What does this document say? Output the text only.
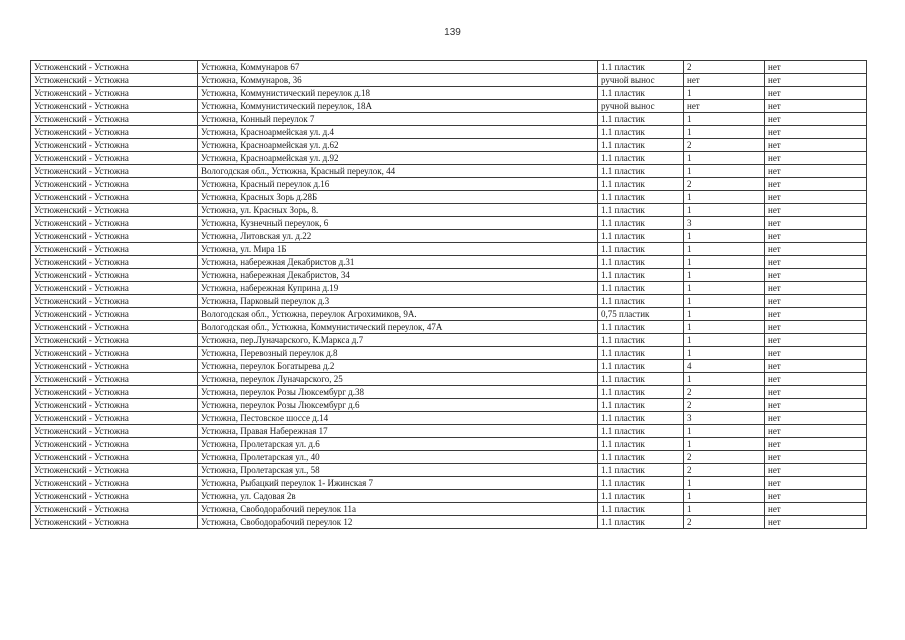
139
Устюженский - Устюжна	Устюжна, Коммунаров 67	1.1 пластик	2	нет
Устюженский - Устюжна	Устюжна, Коммунаров, 36	ручной вынос	нет	нет
Устюженский - Устюжна	Устюжна, Коммунистический переулок д.18	1.1 пластик	1	нет
Устюженский - Устюжна	Устюжна, Коммунистический переулок, 18А	ручной вынос	нет	нет
Устюженский - Устюжна	Устюжна, Конный переулок 7	1.1 пластик	1	нет
Устюженский - Устюжна	Устюжна, Красноармейская ул. д.4	1.1 пластик	1	нет
Устюженский - Устюжна	Устюжна, Красноармейская ул. д.62	1.1 пластик	2	нет
Устюженский - Устюжна	Устюжна, Красноармейская ул. д.92	1.1 пластик	1	нет
Устюженский - Устюжна	Вологодская обл., Устюжна, Красный переулок, 44	1.1 пластик	1	нет
Устюженский - Устюжна	Устюжна, Красный переулок д.16	1.1 пластик	2	нет
Устюженский - Устюжна	Устюжна, Красных Зорь д.28Б	1.1 пластик	1	нет
Устюженский - Устюжна	Устюжна, ул. Красных Зорь, 8.	1.1 пластик	1	нет
Устюженский - Устюжна	Устюжна, Кузнечный переулок, 6	1.1 пластик	3	нет
Устюженский - Устюжна	Устюжна, Литовская ул. д.22	1.1 пластик	1	нет
Устюженский - Устюжна	Устюжна, ул. Мира 1Б	1.1 пластик	1	нет
Устюженский - Устюжна	Устюжна, набережная Декабристов д.31	1.1 пластик	1	нет
Устюженский - Устюжна	Устюжна, набережная Декабристов, 34	1.1 пластик	1	нет
Устюженский - Устюжна	Устюжна, набережная Куприна д.19	1.1 пластик	1	нет
Устюженский - Устюжна	Устюжна, Парковый переулок д.3	1.1 пластик	1	нет
Устюженский - Устюжна	Вологодская обл., Устюжна, переулок Агрохимиков, 9А.	0,75 пластик	1	нет
Устюженский - Устюжна	Вологодская обл., Устюжна, Коммунистический переулок, 47А	1.1 пластик	1	нет
Устюженский - Устюжна	Устюжна, пер.Луначарского, К.Маркса д.7	1.1 пластик	1	нет
Устюженский - Устюжна	Устюжна, Перевозный переулок д.8	1.1 пластик	1	нет
Устюженский - Устюжна	Устюжна, переулок Богатырева д.2	1.1 пластик	4	нет
Устюженский - Устюжна	Устюжна, переулок Луначарского, 25	1.1 пластик	1	нет
Устюженский - Устюжна	Устюжна, переулок Розы Люксембург д.38	1.1 пластик	2	нет
Устюженский - Устюжна	Устюжна, переулок Розы Люксембург д.6	1.1 пластик	2	нет
Устюженский - Устюжна	Устюжна, Пестовское шоссе д.14	1.1 пластик	3	нет
Устюженский - Устюжна	Устюжна, Правая Набережная 17	1.1 пластик	1	нет
Устюженский - Устюжна	Устюжна, Пролетарская ул. д.6	1.1 пластик	1	нет
Устюженский - Устюжна	Устюжна, Пролетарская ул., 40	1.1 пластик	2	нет
Устюженский - Устюжна	Устюжна, Пролетарская ул., 58	1.1 пластик	2	нет
Устюженский - Устюжна	Устюжна, Рыбацкий переулок 1- Ижинская 7	1.1 пластик	1	нет
Устюженский - Устюжна	Устюжна, ул. Садовая 2в	1.1 пластик	1	нет
Устюженский - Устюжна	Устюжна, Свободорабочий переулок 11а	1.1 пластик	1	нет
Устюженский - Устюжна	Устюжна, Свободорабочий переулок 12	1.1 пластик	2	нет
